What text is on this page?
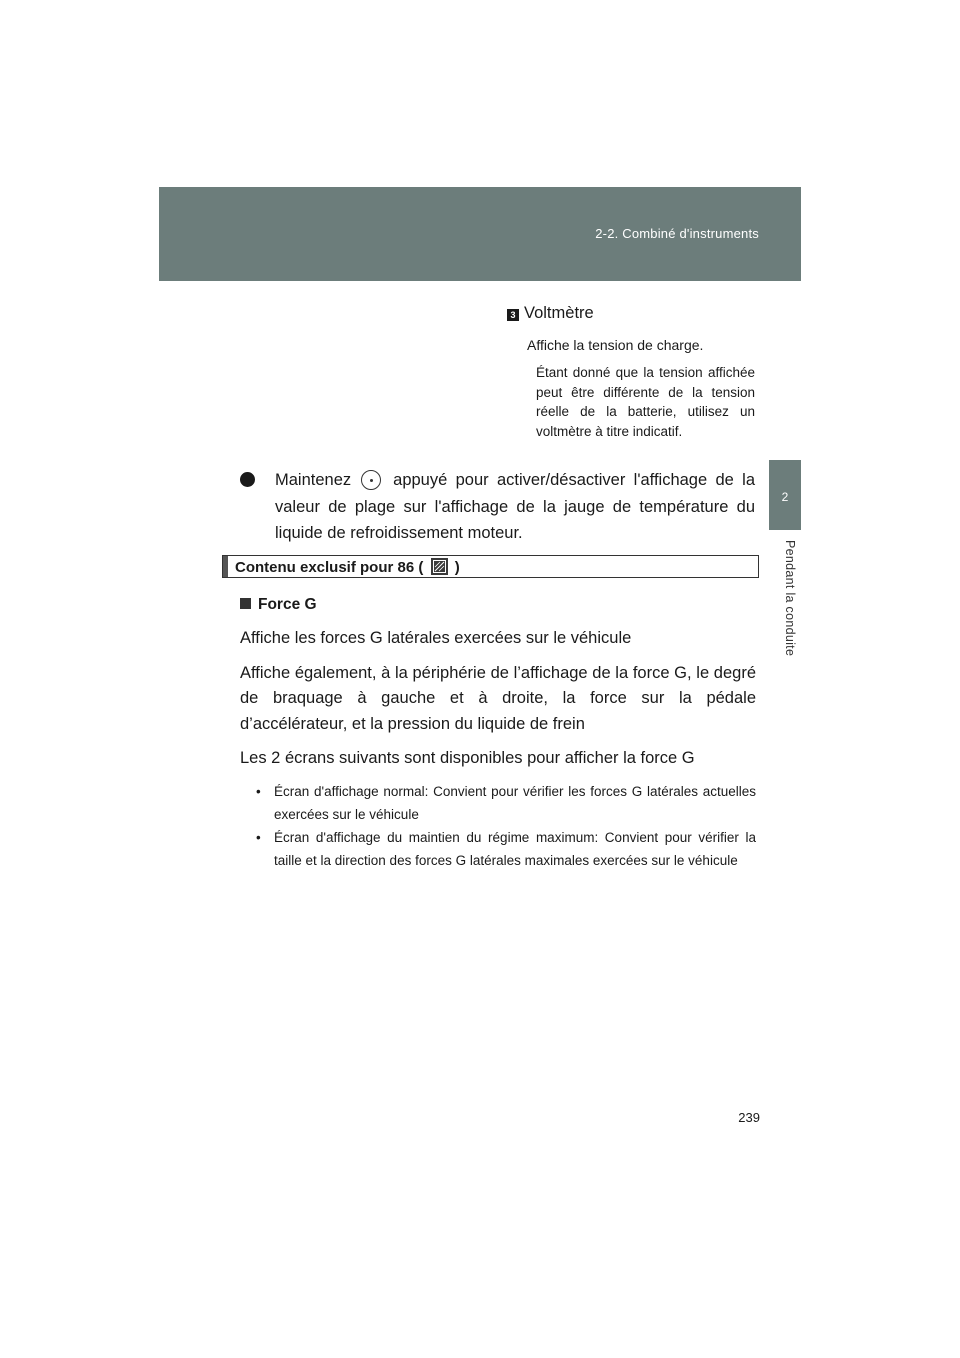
2-2. Combiné d'instruments
2
Pendant la conduite
3 Voltmètre
Affiche la tension de charge.
Étant donné que la tension affichée peut être différente de la tension réelle de la batterie, utilisez un voltmètre à titre indicatif.
Maintenez	appuyé pour activer/désactiver l'affichage de la valeur de plage sur l'affichage de la jauge de température du liquide de refroidissement moteur.
Contenu exclusif pour 86 ( )

Force G

Affiche les forces G latérales exercées sur le véhicule

Affiche également, à la périphérie de l’affichage de la force G, le degré de braquage à gauche et à droite, la force sur la pédale d’accélérateur, et la pression du liquide de frein

Les 2 écrans suivants sont disponibles pour afficher la force G

• Écran d'affichage normal: Convient pour vérifier les forces G latérales actuelles exercées sur le véhicule
• Écran d'affichage du maintien du régime maximum: Convient pour vérifier la taille et la direction des forces G latérales maximales exercées sur le véhicule
239
